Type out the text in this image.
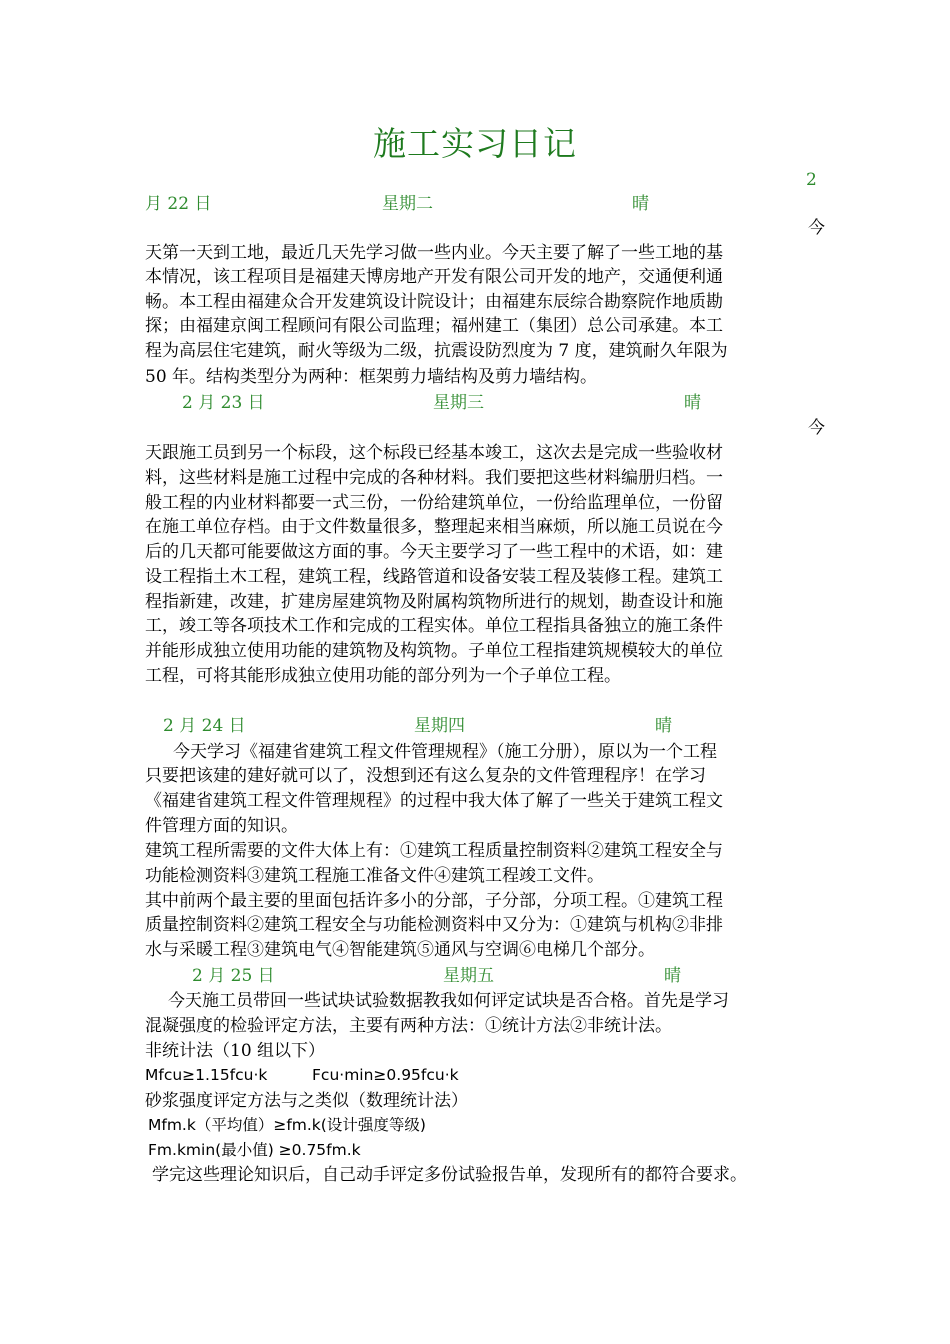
施工实习日记
2
月 22 日	星期二	晴
今
天第一天到工地，最近几天先学习做一些内业。今天主要了解了一些工地的基
本情况，该工程项目是福建天博房地产开发有限公司开发的地产，交通便利通
畅。本工程由福建众合开发建筑设计院设计；由福建东辰综合勘察院作地质勘
探；由福建京闽工程顾问有限公司监理；福州建工（集团）总公司承建。本工
程为高层住宅建筑，耐火等级为二级，抗震设防烈度为 7 度，建筑耐久年限为
50 年。结构类型分为两种：框架剪力墙结构及剪力墙结构。
2 月 23 日	星期三	晴
今
天跟施工员到另一个标段，这个标段已经基本竣工，这次去是完成一些验收材
料，这些材料是施工过程中完成的各种材料。我们要把这些材料编册归档。一
般工程的内业材料都要一式三份，一份给建筑单位，一份给监理单位，一份留
在施工单位存档。由于文件数量很多，整理起来相当麻烦，所以施工员说在今
后的几天都可能要做这方面的事。今天主要学习了一些工程中的术语，如：建
设工程指土木工程，建筑工程，线路管道和设备安装工程及装修工程。建筑工
程指新建，改建，扩建房屋建筑物及附属构筑物所进行的规划，勘查设计和施
工，竣工等各项技术工作和完成的工程实体。单位工程指具备独立的施工条件
并能形成独立使用功能的建筑物及构筑物。子单位工程指建筑规模较大的单位
工程，可将其能形成独立使用功能的部分列为一个子单位工程。
2 月 24 日	星期四	晴
今天学习《福建省建筑工程文件管理规程》（施工分册），原以为一个工程
只要把该建的建好就可以了，没想到还有这么复杂的文件管理程序！在学习
《福建省建筑工程文件管理规程》的过程中我大体了解了一些关于建筑工程文
件管理方面的知识。
建筑工程所需要的文件大体上有：①建筑工程质量控制资料②建筑工程安全与
功能检测资料③建筑工程施工准备文件④建筑工程竣工文件。
其中前两个最主要的里面包括许多小的分部，子分部，分项工程。①建筑工程
质量控制资料②建筑工程安全与功能检测资料中又分为：①建筑与机构②非排
水与采暖工程③建筑电气④智能建筑⑤通风与空调⑥电梯几个部分。
2 月 25 日	星期五	晴
今天施工员带回一些试块试验数据教我如何评定试块是否合格。首先是学习
混凝强度的检验评定方法，主要有两种方法：①统计方法②非统计法。
非统计法（10 组以下）
Mfcu≥1.15fcu·k	Fcu·min≥0.95fcu·k
砂浆强度评定方法与之类似（数理统计法）
Mfm.k（平均值）≥fm.k(设计强度等级)
Fm.kmin(最小值) ≥0.75fm.k
学完这些理论知识后，自己动手评定多份试验报告单，发现所有的都符合要求。
